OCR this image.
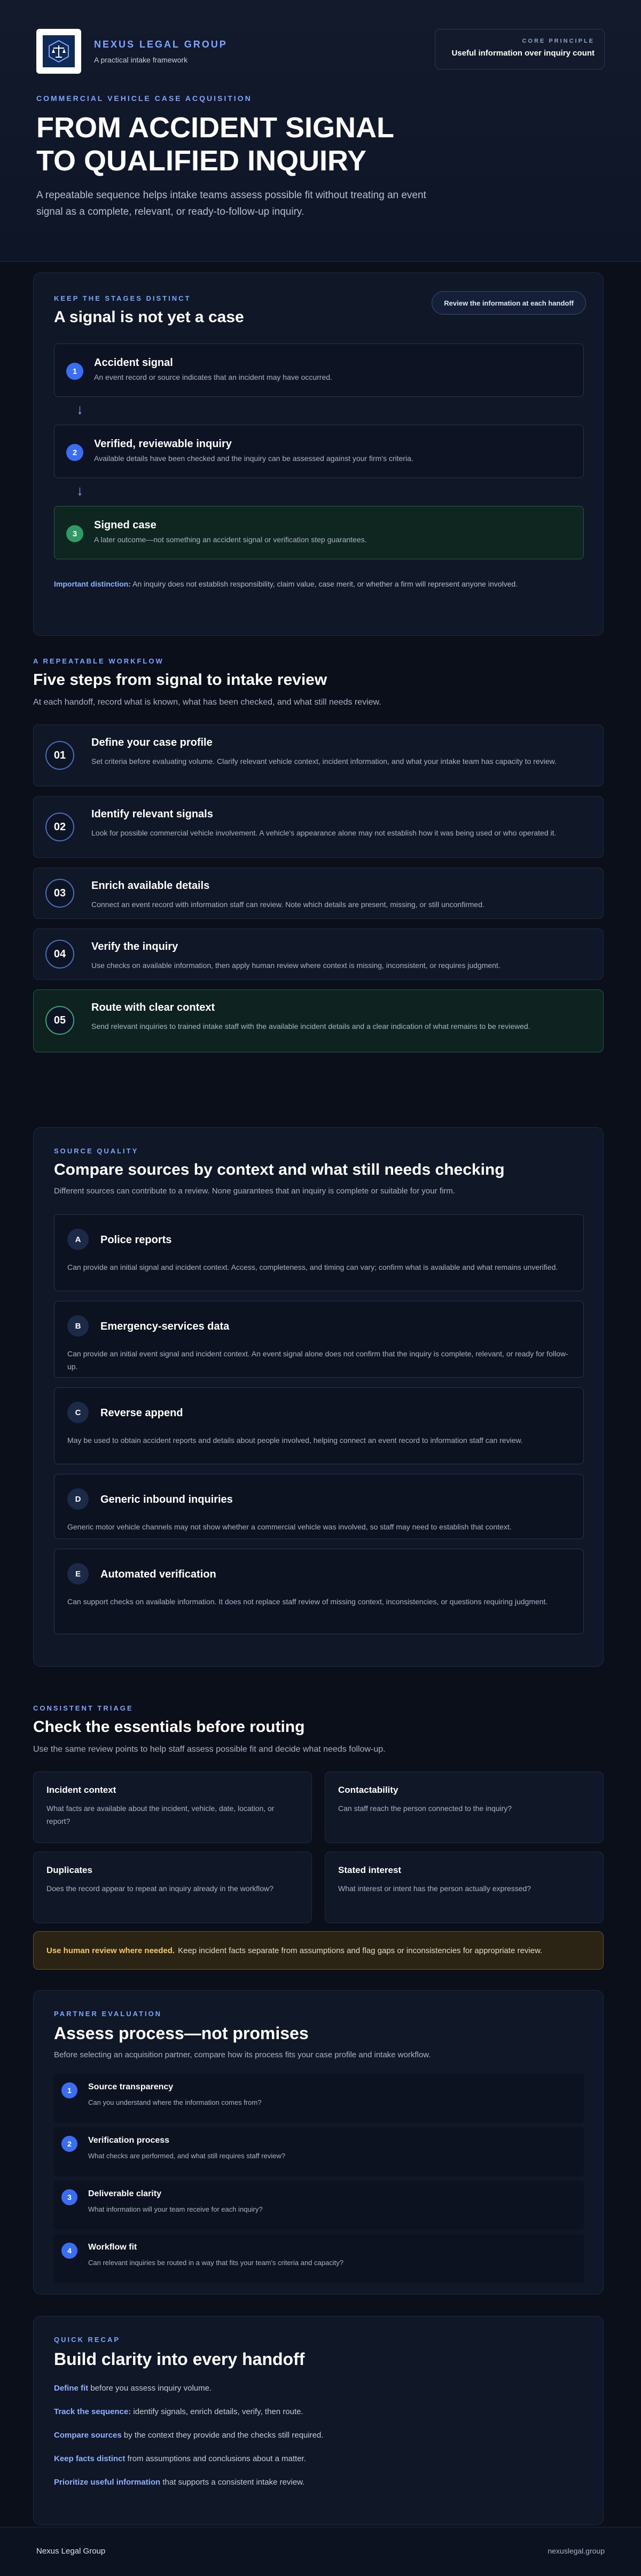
NEXUS LEGAL GROUP
A practical intake framework
CORE PRINCIPLE
Useful information over inquiry count
COMMERCIAL VEHICLE CASE ACQUISITION
FROM ACCIDENT SIGNAL
TO QUALIFIED INQUIRY

A repeatable sequence helps intake teams assess possible fit without treating an event signal as a complete, relevant, or ready-to-follow-up inquiry.

KEEP THE STAGES DISTINCT
A signal is not yet a case
Review the information at each handoff
1
Accident signal
An event record or source indicates that an incident may have occurred.
↓
2
Verified, reviewable inquiry
Available details have been checked and the inquiry can be assessed against your firm's criteria.
↓
3
Signed case
A later outcome—not something an accident signal or verification step guarantees.

Important distinction: An inquiry does not establish responsibility, claim value, case merit, or whether a firm will represent anyone involved.

A REPEATABLE WORKFLOW
Five steps from signal to intake review

At each handoff, record what is known, what has been checked, and what still needs review.

01
Define your case profile
Set criteria before evaluating volume. Clarify relevant vehicle context, incident information, and what your intake team has capacity to review.
02
Identify relevant signals
Look for possible commercial vehicle involvement. A vehicle's appearance alone may not establish how it was being used or who operated it.
03
Enrich available details
Connect an event record with information staff can review. Note which details are present, missing, or still unconfirmed.
04
Verify the inquiry
Use checks on available information, then apply human review where context is missing, inconsistent, or requires judgment.
05
Route with clear context
Send relevant inquiries to trained intake staff with the available incident details and a clear indication of what remains to be reviewed.
SOURCE QUALITY
Compare sources by context and what still needs checking

Different sources can contribute to a review. None guarantees that an inquiry is complete or suitable for your firm.

A	Police reports
Can provide an initial signal and incident context. Access, completeness, and timing can vary; confirm what is available and what remains unverified.
B	Emergency-services data
Can provide an initial event signal and incident context. An event signal alone does not confirm that the inquiry is complete, relevant, or ready for follow-up.
C	Reverse append
May be used to obtain accident reports and details about people involved, helping connect an event record to information staff can review.
D	Generic inbound inquiries
Generic motor vehicle channels may not show whether a commercial vehicle was involved, so staff may need to establish that context.
E	Automated verification
Can support checks on available information. It does not replace staff review of missing context, inconsistencies, or questions requiring judgment.
CONSISTENT TRIAGE
Check the essentials before routing

Use the same review points to help staff assess possible fit and decide what needs follow-up.

Incident context
What facts are available about the incident, vehicle, date, location, or report?
Contactability
Can staff reach the person connected to the inquiry?
Duplicates
Does the record appear to repeat an inquiry already in the workflow?
Stated interest
What interest or intent has the person actually expressed?
Use human review where needed. Keep incident facts separate from assumptions and flag gaps or inconsistencies for appropriate review.
PARTNER EVALUATION
Assess process—not promises

Before selecting an acquisition partner, compare how its process fits your case profile and intake workflow.

1	Source transparency
Can you understand where the information comes from?
2	Verification process
What checks are performed, and what still requires staff review?
3	Deliverable clarity
What information will your team receive for each inquiry?
4	Workflow fit
Can relevant inquiries be routed in a way that fits your team's criteria and capacity?
QUICK RECAP
Build clarity into every handoff

Define fit before you assess inquiry volume.

Track the sequence: identify signals, enrich details, verify, then route.

Compare sources by the context they provide and the checks still required.

Keep facts distinct from assumptions and conclusions about a matter.

Prioritize useful information that supports a consistent intake review.

Nexus Legal Group	nexuslegal.group
